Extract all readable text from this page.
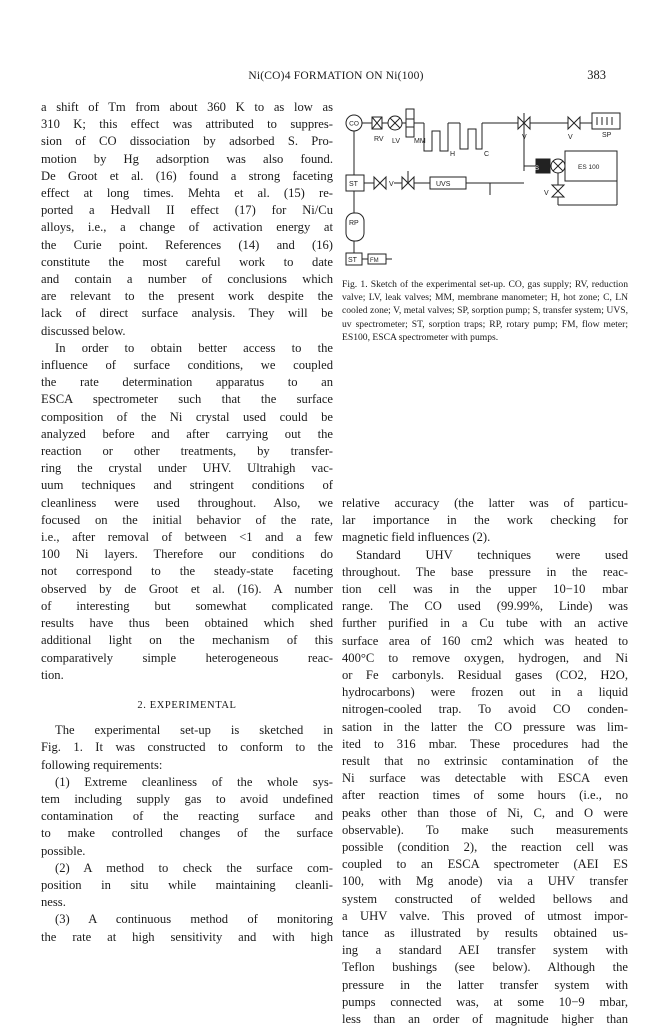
Ni(CO)4 FORMATION ON Ni(100)	383
a shift of Tm from about 360 K to as low as
310 K; this effect was attributed to suppres-
sion of CO dissociation by adsorbed S. Pro-
motion by Hg adsorption was also found.
De Groot et al. (16) found a strong faceting
effect at long times. Mehta et al. (15) re-
ported a Hedvall II effect (17) for Ni/Cu
alloys, i.e., a change of activation energy at
the Curie point. References (14) and (16)
constitute the most careful work to date
and contain a number of conclusions which
are relevant to the present work despite the
lack of direct surface analysis. They will be
discussed below.
In order to obtain better access to the
influence of surface conditions, we coupled
the rate determination apparatus to an
ESCA spectrometer such that the surface
composition of the Ni crystal used could be
analyzed before and after carrying out the
reaction or other treatments, by transfer-
ring the crystal under UHV. Ultrahigh vac-
uum techniques and stringent conditions of
cleanliness were used throughout. Also, we
focused on the initial behavior of the rate,
i.e., after removal of between <1 and a few
100 Ni layers. Therefore our conditions do
not correspond to the steady-state faceting
observed by de Groot et al. (16). A number
of interesting but somewhat complicated
results have thus been obtained which shed
additional light on the mechanism of this
comparatively simple heterogeneous reac-
tion.
2. EXPERIMENTAL
The experimental set-up is sketched in
Fig. 1. It was constructed to conform to the
following requirements:
(1) Extreme cleanliness of the whole sys-
tem including supply gas to avoid undefined
contamination of the reacting surface and
to make controlled changes of the surface
possible.
(2) A method to check the surface com-
position in situ while maintaining cleanli-
ness.
(3) A continuous method of monitoring
the rate at high sensitivity and with high
CO
RV LV MM
H	C
V	V	SP
S	ES 100
V
ST	V	UVS
RP
ST FM
Fig. 1. Sketch of the experimental set-up. CO, gas supply; RV, reduction valve; LV, leak valves; MM, membrane manometer; H, hot zone; C, LN cooled zone; V, metal valves; SP, sorption pump; S, transfer system; UVS, uv spectrometer; ST, sorption traps; RP, rotary pump; FM, flow meter; ES100, ESCA spectrometer with pumps.
relative accuracy (the latter was of particu-
lar importance in the work checking for
magnetic field influences (2).
Standard UHV techniques were used
throughout. The base pressure in the reac-
tion cell was in the upper 10−10 mbar
range. The CO used (99.99%, Linde) was
further purified in a Cu tube with an active
surface area of 160 cm2 which was heated to
400°C to remove oxygen, hydrogen, and Ni
or Fe carbonyls. Residual gases (CO2, H2O,
hydrocarbons) were frozen out in a liquid
nitrogen-cooled trap. To avoid CO conden-
sation in the latter the CO pressure was lim-
ited to 316 mbar. These procedures had the
result that no extrinsic contamination of the
Ni surface was detectable with ESCA even
after reaction times of some hours (i.e., no
peaks other than those of Ni, C, and O were
observable). To make such measurements
possible (condition 2), the reaction cell was
coupled to an ESCA spectrometer (AEI ES
100, with Mg anode) via a UHV transfer
system constructed of welded bellows and
a UHV valve. This proved of utmost impor-
tance as illustrated by results obtained us-
ing a standard AEI transfer system with
Teflon bushings (see below). Although the
pressure in the latter transfer system with
pumps connected was, at some 10−9 mbar,
less than an order of magnitude higher than
